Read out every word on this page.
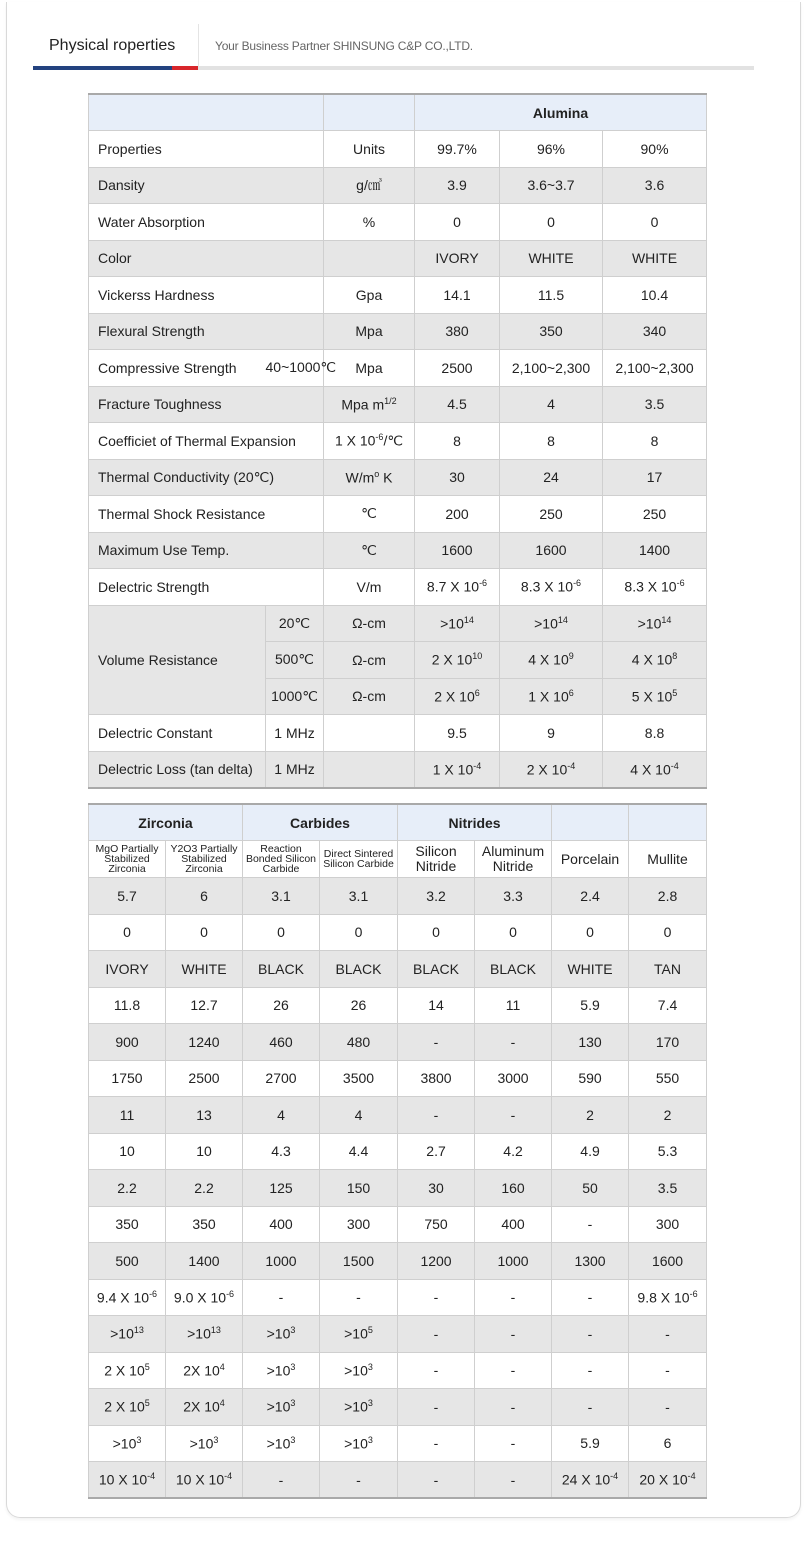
Physical roperties	Your Business Partner SHINSUNG C&P CO.,LTD.
			Alumina		
Properties		Units	99.7%	96%	90%
Dansity		g/㎤	3.9	3.6~3.7	3.6
Water Absorption		%	0	0	0
Color			IVORY	WHITE	WHITE
Vickerss Hardness		Gpa	14.1	11.5	10.4
Flexural Strength		Mpa	380	350	340
Compressive Strength	40~1000℃	Mpa	2500	2,100~2,300	2,100~2,300
Fracture Toughness		Mpa $m^{1/2}$	4.5	4	3.5
Coefficiet of Thermal Expansion		1 X $10^{-6}/℃$	8	8	8
Thermal Conductivity (20℃)		$W/m^o$ K	30	24	17
Thermal Shock Resistance		℃	200	250	250
Maximum Use Temp.		℃	1600	1600	1400
Delectric Strength		V/m	8.7 X $10^{-6}$	8.3 X $10^{-6}$	8.3 X $10^{-6}$
Volume Resistance	20℃	Ω-cm	$>10^{14}$	$>10^{14}$	$>10^{14}$
	500℃	Ω-cm	2 X $10^{10}$	4 X $10^9$	4 X $10^8$
	1000℃	Ω-cm	2 X $10^6$	1 X $10^6$	5 X $10^5$
Delectric Constant	1 MHz		9.5	9	8.8
Delectric Loss (tan delta)	1 MHz		1 X $10^{-4}$	2 X $10^{-4}$	4 X $10^{-4}$
Zirconia		Carbides		Nitrides			
MgO Partially Stabilized Zirconia	Y2O3 Partially Stabilized Zirconia	Reaction Bonded Silicon Carbide	Direct Sintered Silicon Carbide	Silicon Nitride	Aluminum Nitride	Porcelain	Mullite
5.7	6	3.1	3.1	3.2	3.3	2.4	2.8
0	0	0	0	0	0	0	0
IVORY	WHITE	BLACK	BLACK	BLACK	BLACK	WHITE	TAN
11.8	12.7	26	26	14	11	5.9	7.4
900	1240	460	480	-	-	130	170
1750	2500	2700	3500	3800	3000	590	550
11	13	4	4	-	-	2	2
10	10	4.3	4.4	2.7	4.2	4.9	5.3
2.2	2.2	125	150	30	160	50	3.5
350	350	400	300	750	400	-	300
500	1400	1000	1500	1200	1000	1300	1600
9.4 X $10^{-6}$	9.0 X $10^{-6}$	-	-	-	-	-	9.8 X $10^{-6}$
$>10^{13}$	$>10^{13}$	$>10^3$	$>10^5$	-	-	-	-
2 X $10^5$	2X $10^4$	$>10^3$	$>10^3$	-	-	-	-
2 X $10^5$	2X $10^4$	$>10^3$	$>10^3$	-	-	-	-
$>10^3$	$>10^3$	$>10^3$	$>10^3$	-	-	5.9	6
10 X $10^{-4}$	10 X $10^{-4}$	-	-	-	-	24 X $10^{-4}$	20 X $10^{-4}$
